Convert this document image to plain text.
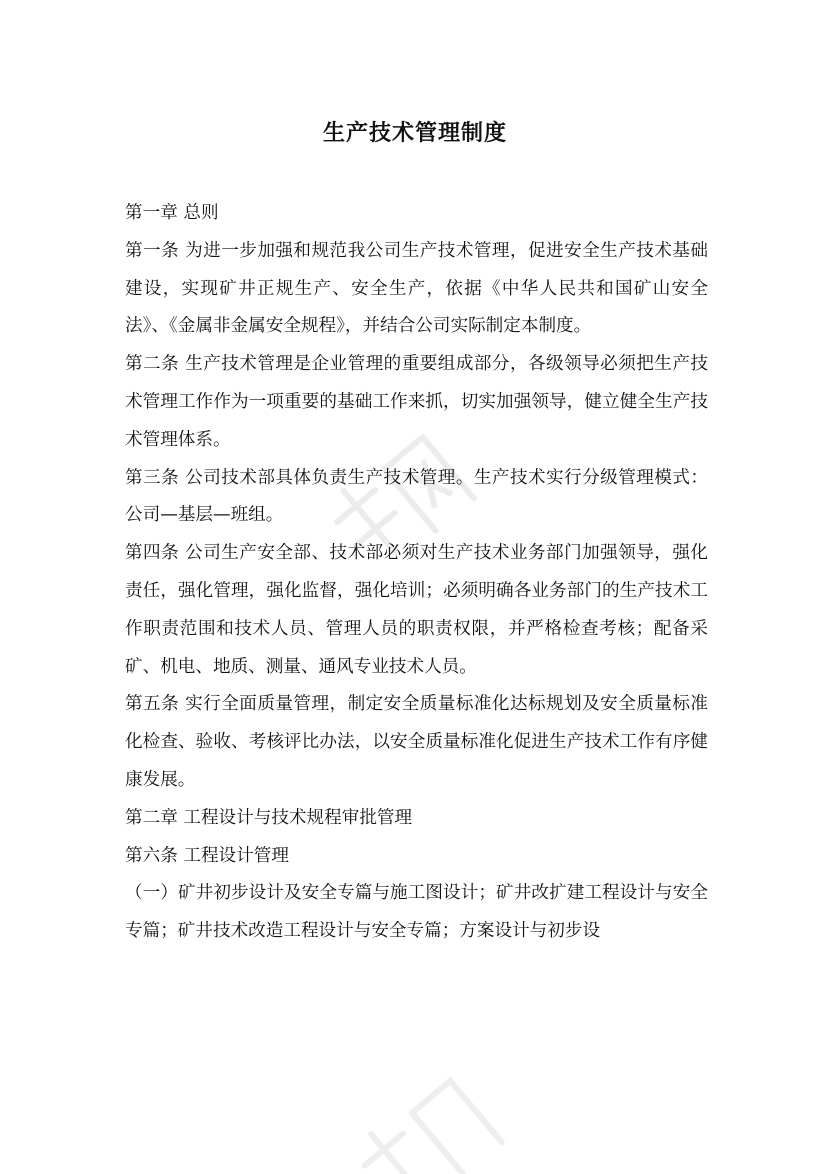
生产技术管理制度

第一章 总则

第一条 为进一步加强和规范我公司生产技术管理，促进安全生产技术基础建设，实现矿井正规生产、安全生产，依据《中华人民共和国矿山安全法》、《金属非金属安全规程》，并结合公司实际制定本制度。

第二条 生产技术管理是企业管理的重要组成部分，各级领导必须把生产技术管理工作作为一项重要的基础工作来抓，切实加强领导，健立健全生产技术管理体系。

第三条 公司技术部具体负责生产技术管理。生产技术实行分级管理模式：公司—基层—班组。

第四条 公司生产安全部、技术部必须对生产技术业务部门加强领导，强化责任，强化管理，强化监督，强化培训；必须明确各业务部门的生产技术工作职责范围和技术人员、管理人员的职责权限，并严格检查考核；配备采矿、机电、地质、测量、通风专业技术人员。

第五条 实行全面质量管理，制定安全质量标准化达标规划及安全质量标准化检查、验收、考核评比办法，以安全质量标准化促进生产技术工作有序健康发展。

第二章 工程设计与技术规程审批管理

第六条 工程设计管理

（一）矿井初步设计及安全专篇与施工图设计；矿井改扩建工程设计与安全专篇；矿井技术改造工程设计与安全专篇；方案设计与初步设
